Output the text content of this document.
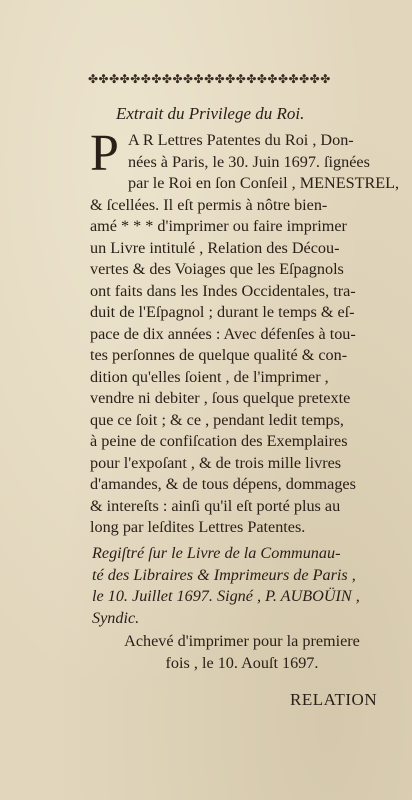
✤✤✤✤✤✤✤✤✤✤✤✤✤✤✤✤✤✤✤✤✤✤✤
Extrait du Privilege du Roi.
P A R Lettres Patentes du Roi , Don-
nées à Paris, le 30. Juin 1697. ſignées
par le Roi en ſon Conſeil , MENESTREL,
& ſcellées. Il eſt permis à nôtre bien-
amé * * * d'imprimer ou faire imprimer
un Livre intitulé , Relation des Décou-
vertes & des Voiages que les Eſpagnols
ont faits dans les Indes Occidentales, tra-
duit de l'Eſpagnol ; durant le temps & eſ-
pace de dix années : Avec défenſes à tou-
tes perſonnes de quelque qualité & con-
dition qu'elles ſoient , de l'imprimer ,
vendre ni debiter , ſous quelque pretexte
que ce ſoit ; & ce , pendant ledit temps,
à peine de confiſcation des Exemplaires
pour l'expoſant , & de trois mille livres
d'amandes, & de tous dépens, dommages
& intereſts : ainſi qu'il eſt porté plus au
long par leſdites Lettres Patentes.
Regiſtré ſur le Livre de la Communau-
té des Libraires & Imprimeurs de Paris ,
le 10. Juillet 1697. Signé , P. AUBOÜIN ,
Syndic.
Achevé d'imprimer pour la premiere
fois , le 10. Aouſt 1697.
RELATION
